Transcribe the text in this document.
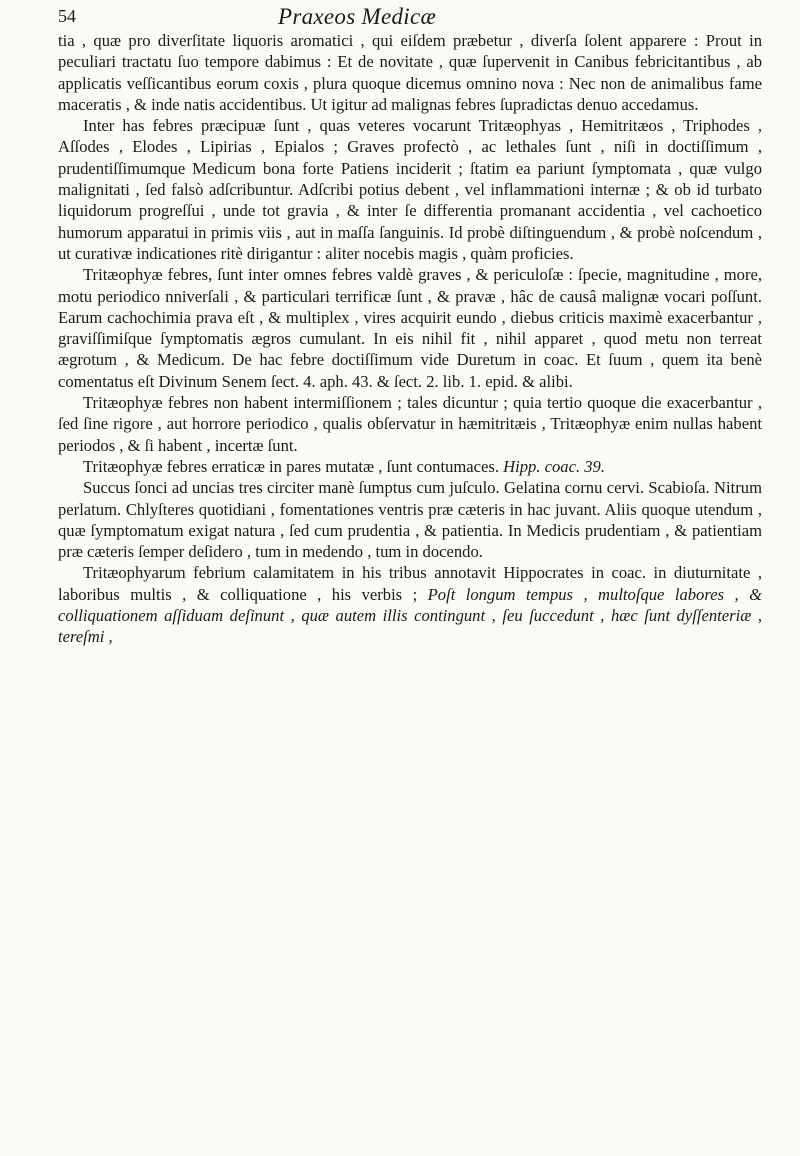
54	Praxeos Medicæ

tia , quæ pro diverſitate liquoris aromatici , qui eiſdem præbetur , diverſa ſolent apparere : Prout in peculiari tractatu ſuo tempore dabimus : Et de novitate , quæ ſupervenit in Canibus febricitantibus , ab applicatis veſſicantibus eorum coxis , plura quoque dicemus omnino nova : Nec non de animalibus fame maceratis , & inde natis accidentibus. Ut igitur ad malignas febres ſupradictas denuo accedamus.

Inter has febres præcipuæ ſunt , quas veteres vocarunt Tritæophyas , Hemitritæos , Triphodes , Aſſodes , Elodes , Lipirias , Epialos ; Graves profectò , ac lethales ſunt , niſi in doctiſſimum , prudentiſſimumque Medicum bona forte Patiens inciderit ; ſtatim ea pariunt ſymptomata , quæ vulgo malignitati , ſed falsò adſcribuntur. Adſcribi potius debent , vel inflammationi internæ ; & ob id turbato liquidorum progreſſui , unde tot gravia , & inter ſe differentia promanant accidentia , vel cachoetico humorum apparatui in primis viis , aut in maſſa ſanguinis. Id probè diſtinguendum , & probè noſcendum , ut curativæ indicationes ritè dirigantur : aliter nocebis magis , quàm proficies.

Tritæophyæ febres, ſunt inter omnes febres valdè graves , & periculoſæ : ſpecie, magnitudine , more, motu periodico nniverſali , & particulari terrificæ ſunt , & pravæ , hâc de causâ malignæ vocari poſſunt. Earum cachochimia prava eſt , & multiplex , vires acquirit eundo , diebus criticis maximè exacerbantur , graviſſimiſque ſymptomatis ægros cumulant. In eis nihil fit , nihil apparet , quod metu non terreat ægrotum , & Medicum. De hac febre doctiſſimum vide Duretum in coac. Et ſuum , quem ita benè comentatus eſt Divinum Senem ſect. 4. aph. 43. & ſect. 2. lib. 1. epid. & alibi.

Tritæophyæ febres non habent intermiſſionem ; tales dicuntur ; quia tertio quoque die exacerbantur , ſed ſine rigore , aut horrore periodico , qualis obſervatur in hæmitritæis , Tritæophyæ enim nullas habent periodos , & ſi habent , incertæ ſunt.

Tritæophyæ febres erraticæ in pares mutatæ , ſunt contumaces. Hipp. coac. 39.

Succus ſonci ad uncias tres circiter manè ſumptus cum juſculo. Gelatina cornu cervi. Scabioſa. Nitrum perlatum. Chlyſteres quotidiani , fomentationes ventris præ cæteris in hac juvant. Aliis quoque utendum , quæ ſymptomatum exigat natura , ſed cum prudentia , & patientia. In Medicis prudentiam , & patientiam præ cæteris ſemper deſidero , tum in medendo , tum in docendo.

Tritæophyarum febrium calamitatem in his tribus annotavit Hippocrates in coac. in diuturnitate , laboribus multis , & colliquatione , his verbis ; Poſt longum tempus , multoſque labores , & colliquationem aſſiduam deſinunt , quæ autem illis contingunt , ſeu ſuccedunt , hæc ſunt dyſſenteriæ , tereſmi ,
